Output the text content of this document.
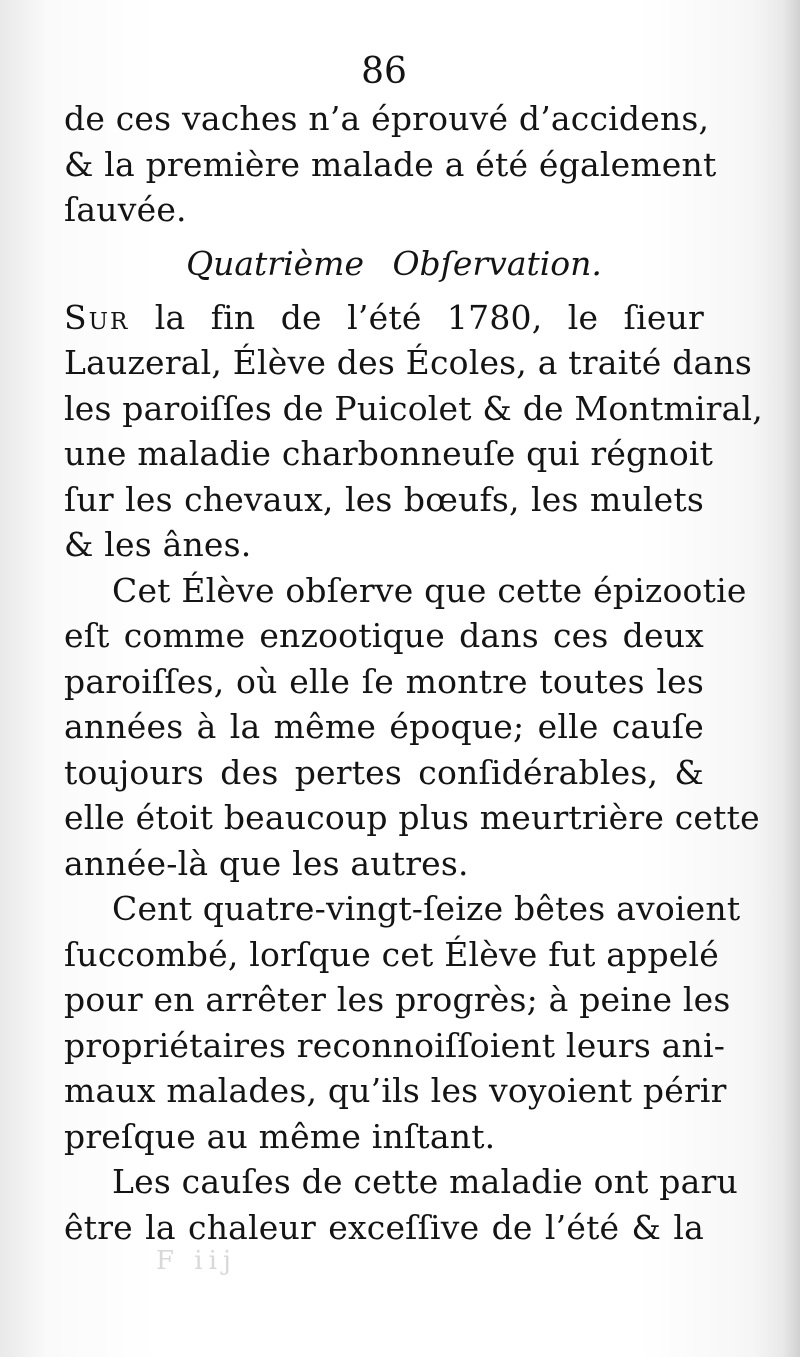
86
de ces vaches n’a éprouvé d’accidens,
& la première malade a été également
ſauvée.
Quatrième Obſervation.
Sur la fin de l’été 1780, le ſieur
Lauzeral, Élève des Écoles, a traité dans
les paroiſſes de Puicolet & de Montmiral,
une maladie charbonneuſe qui régnoit
ſur les chevaux, les bœufs, les mulets
& les ânes.
Cet Élève obſerve que cette épizootie
eſt comme enzootique dans ces deux
paroiſſes, où elle ſe montre toutes les
années à la même époque; elle cauſe
toujours des pertes conſidérables, &
elle étoit beaucoup plus meurtrière cette
année-là que les autres.
Cent quatre-vingt-ſeize bêtes avoient
ſuccombé, lorſque cet Élève fut appelé
pour en arrêter les progrès; à peine les
propriétaires reconnoiſſoient leurs ani-
maux malades, qu’ils les voyoient périr
preſque au même inſtant.
Les cauſes de cette maladie ont paru
être la chaleur exceſſive de l’été & la
F iij
